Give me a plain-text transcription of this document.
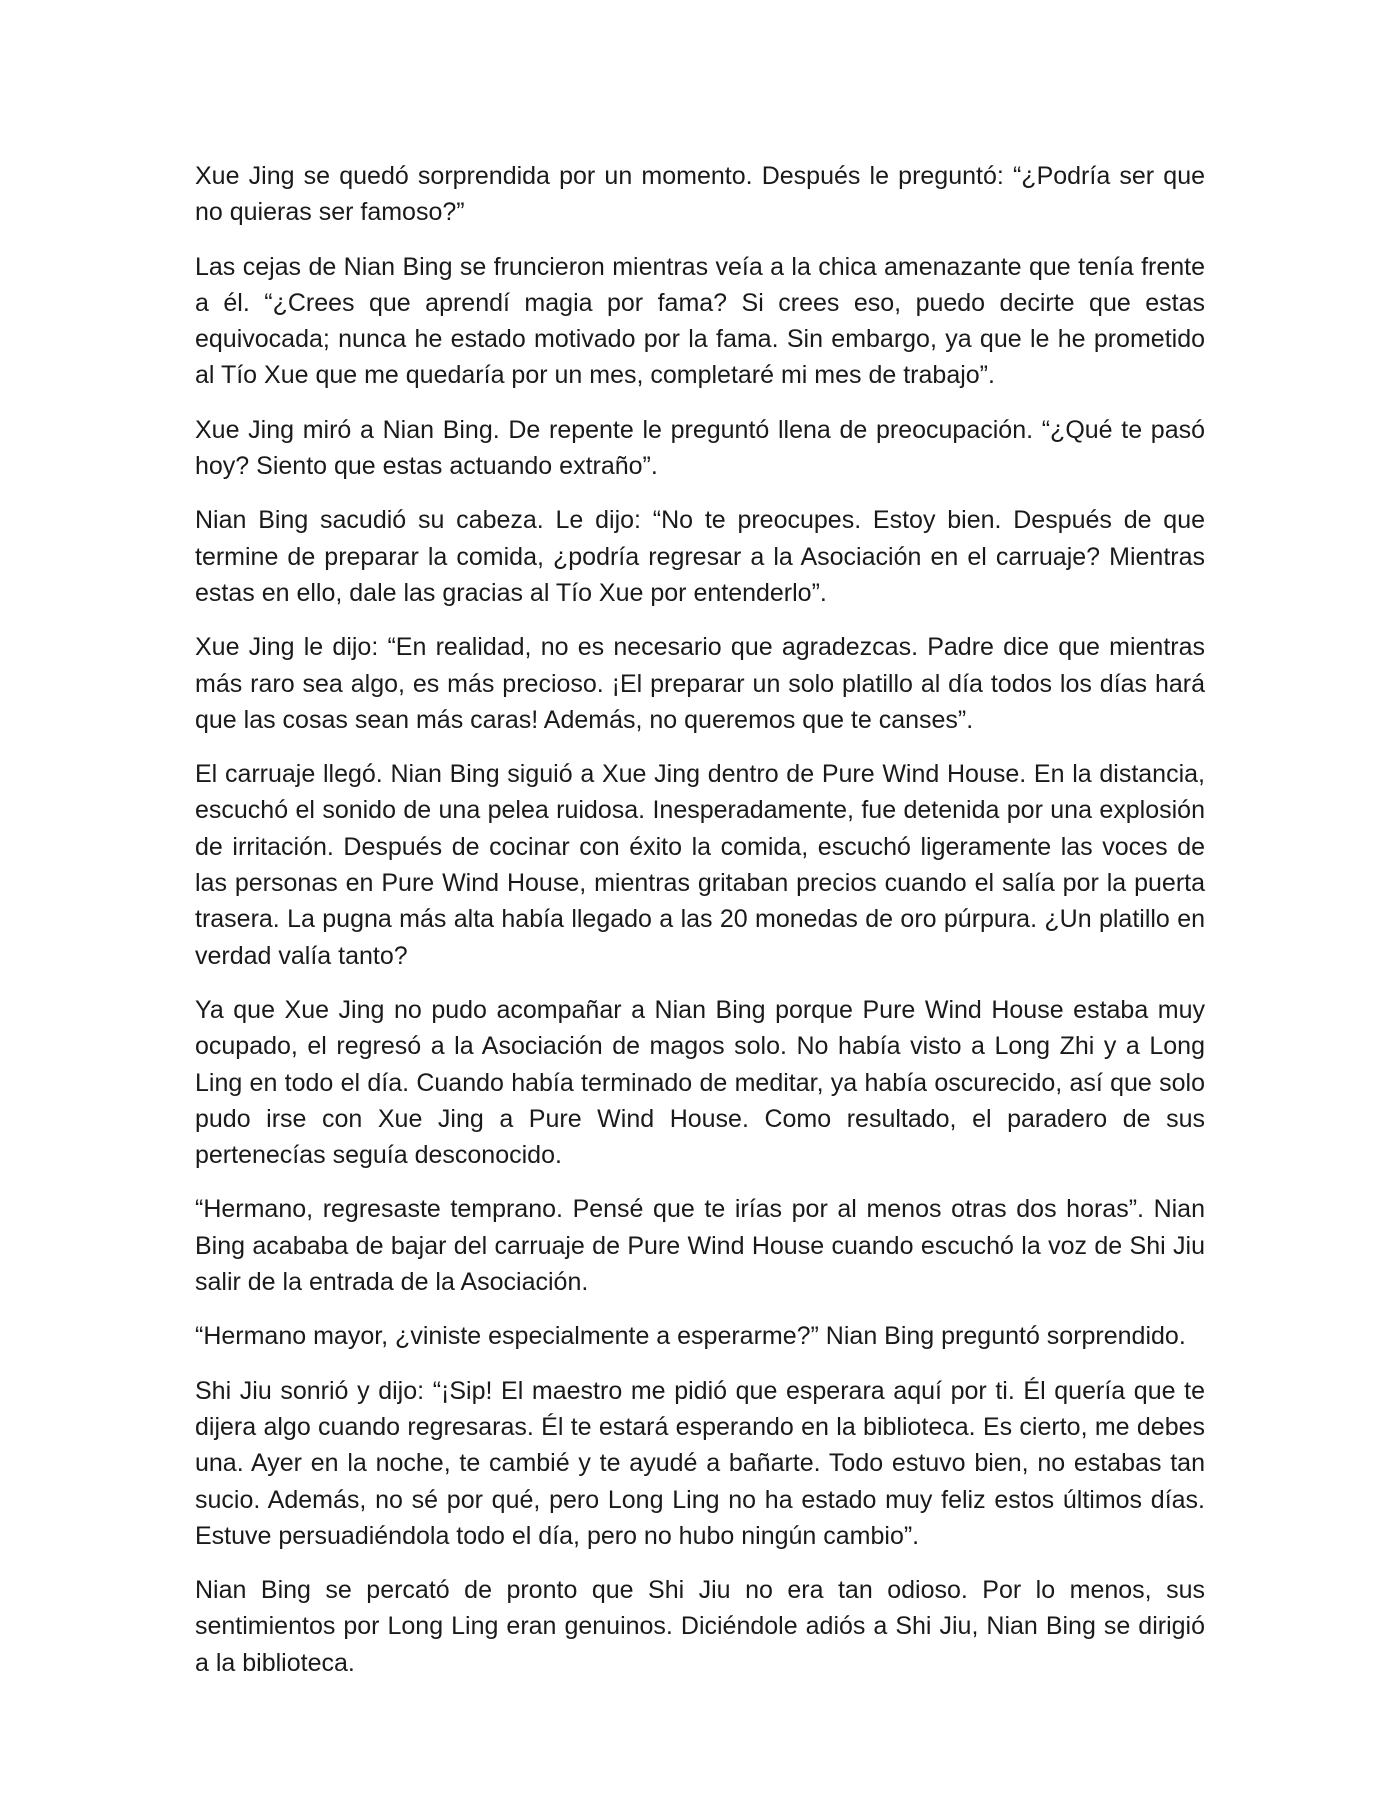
Xue Jing se quedó sorprendida por un momento. Después le preguntó: “¿Podría ser que no quieras ser famoso?”

Las cejas de Nian Bing se fruncieron mientras veía a la chica amenazante que tenía frente a él. “¿Crees que aprendí magia por fama? Si crees eso, puedo decirte que estas equivocada; nunca he estado motivado por la fama. Sin embargo, ya que le he prometido al Tío Xue que me quedaría por un mes, completaré mi mes de trabajo”.

Xue Jing miró a Nian Bing. De repente le preguntó llena de preocupación. “¿Qué te pasó hoy? Siento que estas actuando extraño”.

Nian Bing sacudió su cabeza. Le dijo: “No te preocupes. Estoy bien. Después de que termine de preparar la comida, ¿podría regresar a la Asociación en el carruaje? Mientras estas en ello, dale las gracias al Tío Xue por entenderlo”.

Xue Jing le dijo: “En realidad, no es necesario que agradezcas. Padre dice que mientras más raro sea algo, es más precioso. ¡El preparar un solo platillo al día todos los días hará que las cosas sean más caras! Además, no queremos que te canses”.

El carruaje llegó. Nian Bing siguió a Xue Jing dentro de Pure Wind House. En la distancia, escuchó el sonido de una pelea ruidosa. Inesperadamente, fue detenida por una explosión de irritación. Después de cocinar con éxito la comida, escuchó ligeramente las voces de las personas en Pure Wind House, mientras gritaban precios cuando el salía por la puerta trasera. La pugna más alta había llegado a las 20 monedas de oro púrpura. ¿Un platillo en verdad valía tanto?

Ya que Xue Jing no pudo acompañar a Nian Bing porque Pure Wind House estaba muy ocupado, el regresó a la Asociación de magos solo. No había visto a Long Zhi y a Long Ling en todo el día. Cuando había terminado de meditar, ya había oscurecido, así que solo pudo irse con Xue Jing a Pure Wind House. Como resultado, el paradero de sus pertenecías seguía desconocido.

“Hermano, regresaste temprano. Pensé que te irías por al menos otras dos horas”. Nian Bing acababa de bajar del carruaje de Pure Wind House cuando escuchó la voz de Shi Jiu salir de la entrada de la Asociación.

“Hermano mayor, ¿viniste especialmente a esperarme?” Nian Bing preguntó sorprendido.

Shi Jiu sonrió y dijo: “¡Sip! El maestro me pidió que esperara aquí por ti. Él quería que te dijera algo cuando regresaras. Él te estará esperando en la biblioteca. Es cierto, me debes una. Ayer en la noche, te cambié y te ayudé a bañarte. Todo estuvo bien, no estabas tan sucio. Además, no sé por qué, pero Long Ling no ha estado muy feliz estos últimos días. Estuve persuadiéndola todo el día, pero no hubo ningún cambio”.

Nian Bing se percató de pronto que Shi Jiu no era tan odioso. Por lo menos, sus sentimientos por Long Ling eran genuinos. Diciéndole adiós a Shi Jiu, Nian Bing se dirigió a la biblioteca.
